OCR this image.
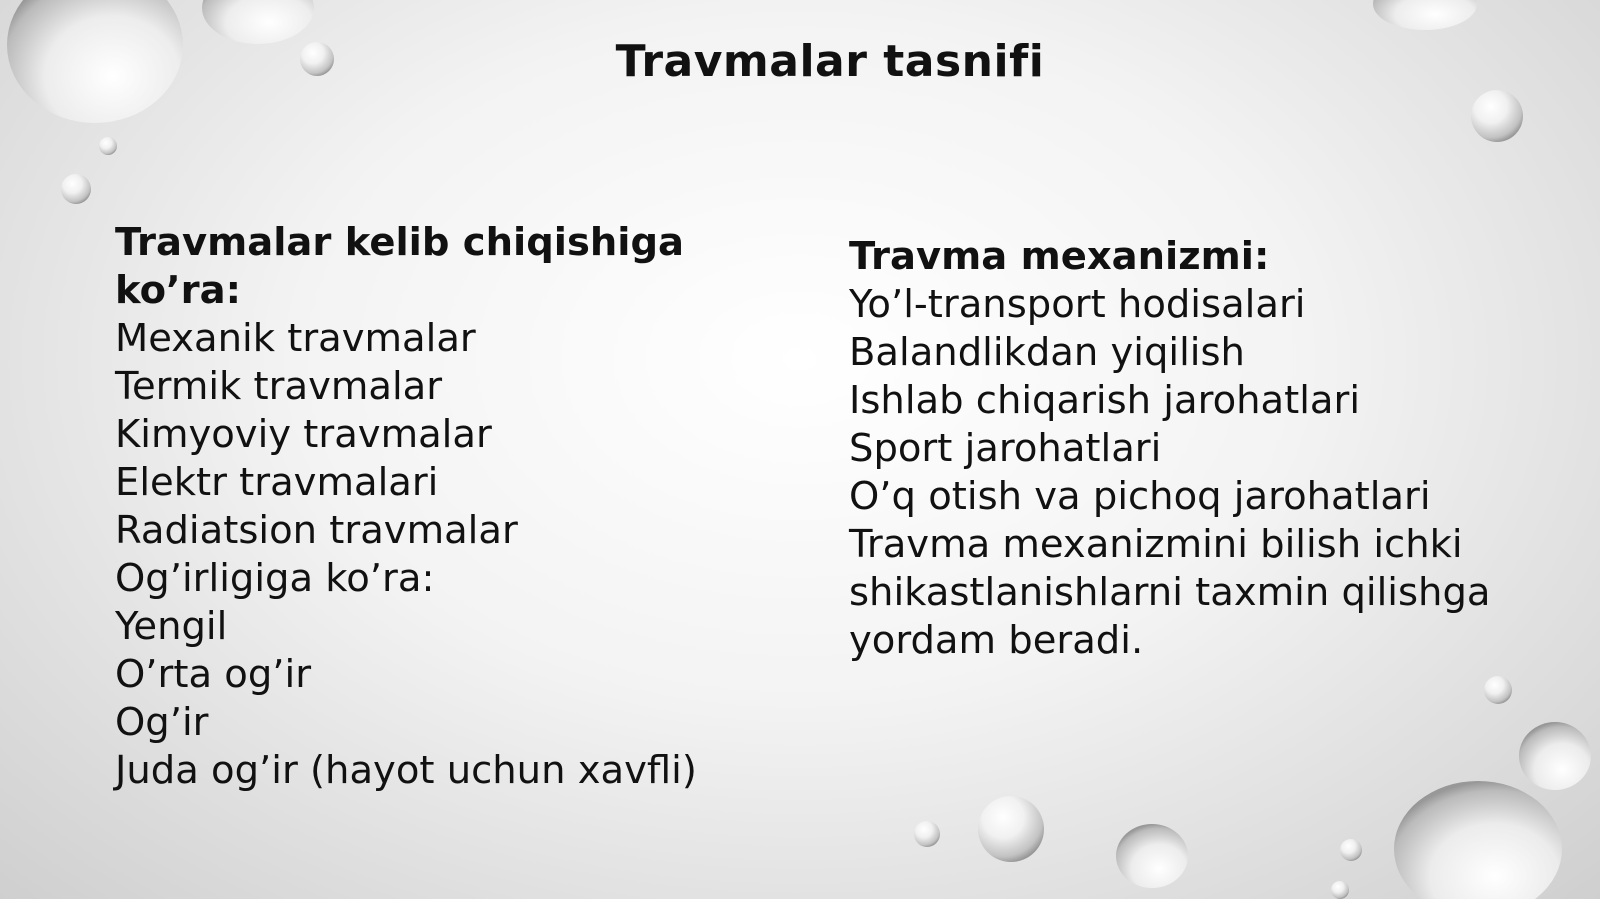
Travmalar tasnifi
Travmalar kelib chiqishiga ko’ra:
Mexanik travmalar
Termik travmalar
Kimyoviy travmalar
Elektr travmalari
Radiatsion travmalar
Og’irligiga ko’ra:
Yengil
O’rta og’ir
Og’ir
Juda og’ir (hayot uchun xavfli)
Travma mexanizmi:
Yo’l-transport hodisalari
Balandlikdan yiqilish
Ishlab chiqarish jarohatlari
Sport jarohatlari
O’q otish va pichoq jarohatlari
Travma mexanizmini bilish ichki shikastlanishlarni taxmin qilishga yordam beradi.
